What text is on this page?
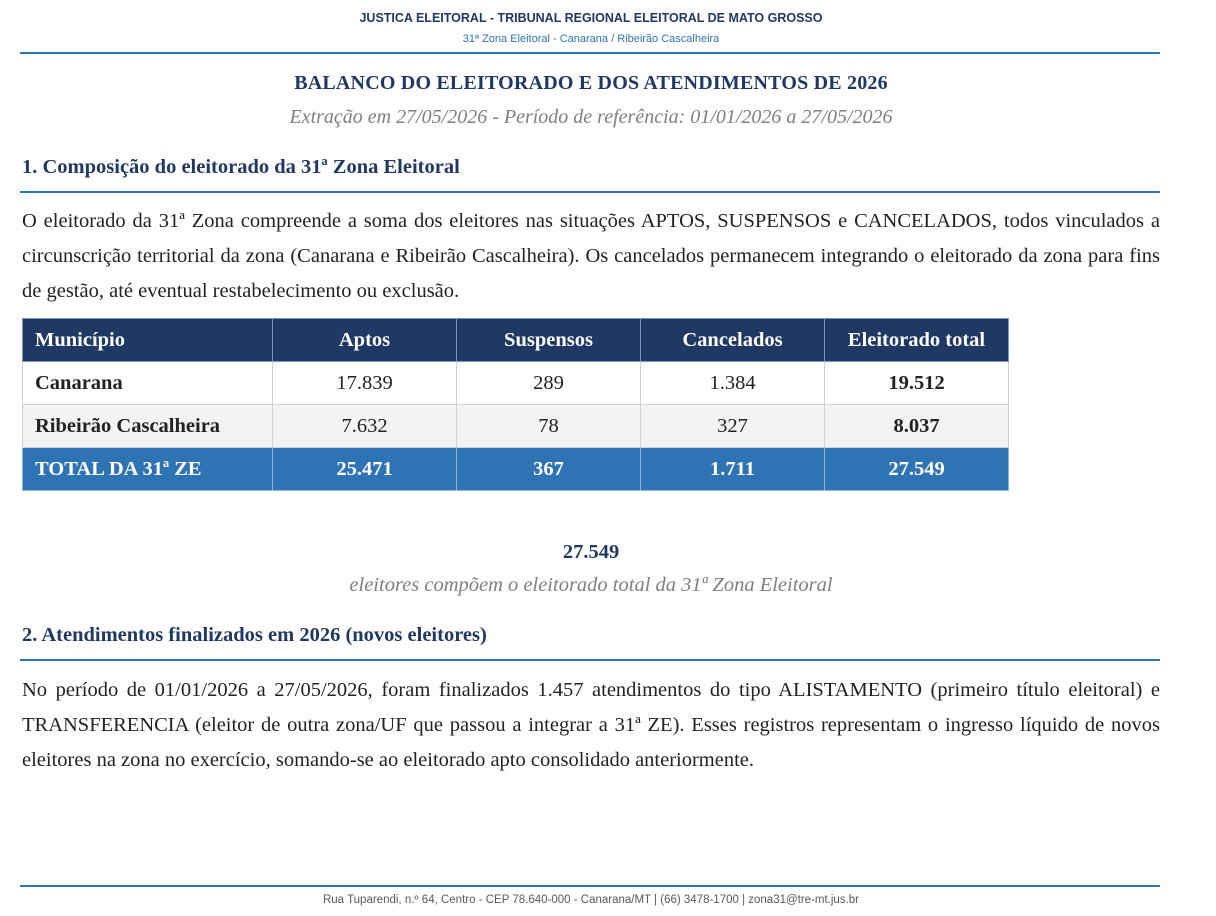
JUSTICA ELEITORAL - TRIBUNAL REGIONAL ELEITORAL DE MATO GROSSO
31ª Zona Eleitoral - Canarana / Ribeirão Cascalheira
BALANCO DO ELEITORADO E DOS ATENDIMENTOS DE 2026
Extração em 27/05/2026 - Período de referência: 01/01/2026 a 27/05/2026
1. Composição do eleitorado da 31ª Zona Eleitoral
O eleitorado da 31ª Zona compreende a soma dos eleitores nas situações APTOS, SUSPENSOS e CANCELADOS, todos vinculados a circunscrição territorial da zona (Canarana e Ribeirão Cascalheira). Os cancelados permanecem integrando o eleitorado da zona para fins de gestão, até eventual restabelecimento ou exclusão.
Município	Aptos	Suspensos	Cancelados	Eleitorado total
Canarana	17.839	289	1.384	19.512
Ribeirão Cascalheira	7.632	78	327	8.037
TOTAL DA 31ª ZE	25.471	367	1.711	27.549
27.549
eleitores compõem o eleitorado total da 31ª Zona Eleitoral
2. Atendimentos finalizados em 2026 (novos eleitores)
No período de 01/01/2026 a 27/05/2026, foram finalizados 1.457 atendimentos do tipo ALISTAMENTO (primeiro título eleitoral) e TRANSFERENCIA (eleitor de outra zona/UF que passou a integrar a 31ª ZE). Esses registros representam o ingresso líquido de novos eleitores na zona no exercício, somando-se ao eleitorado apto consolidado anteriormente.
Rua Tuparendi, n.º 64, Centro - CEP 78.640-000 - Canarana/MT | (66) 3478-1700 | zona31@tre-mt.jus.br
